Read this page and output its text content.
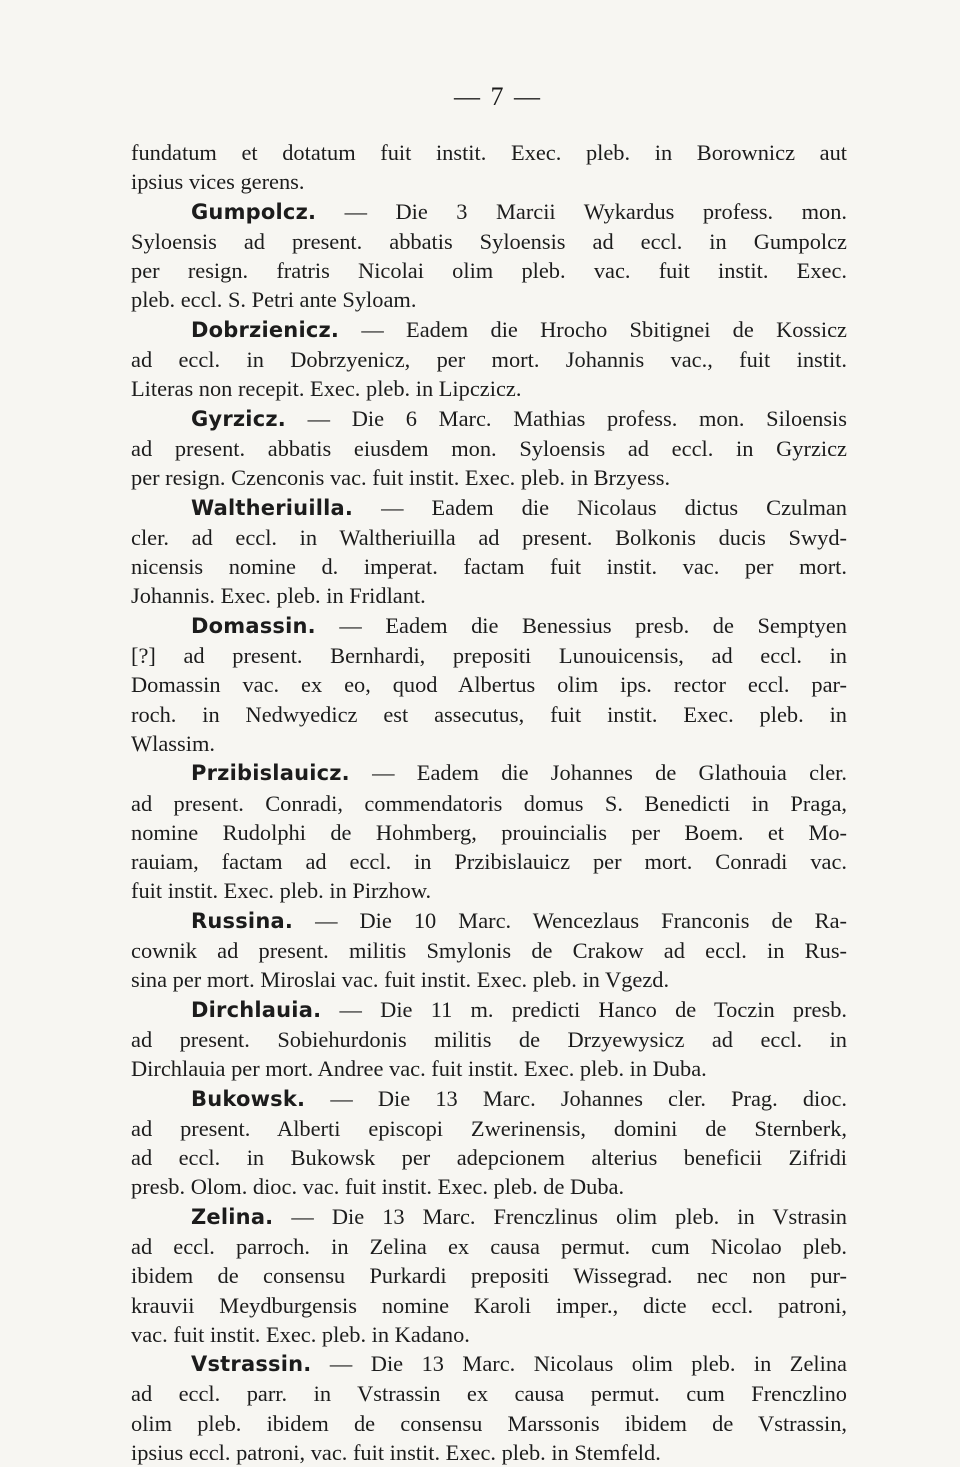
— 7 —
fundatum et dotatum fuit instit. Exec. pleb. in Borownicz aut
ipsius vices gerens.
Gumpolcz. — Die 3 Marcii Wykardus profess. mon.
Syloensis ad present. abbatis Syloensis ad eccl. in Gumpolcz
per resign. fratris Nicolai olim pleb. vac. fuit instit. Exec.
pleb. eccl. S. Petri ante Syloam.
Dobrzienicz. — Eadem die Hrocho Sbitignei de Kossicz
ad eccl. in Dobrzyenicz, per mort. Johannis vac., fuit instit.
Literas non recepit. Exec. pleb. in Lipczicz.
Gyrzicz. — Die 6 Marc. Mathias profess. mon. Siloensis
ad present. abbatis eiusdem mon. Syloensis ad eccl. in Gyrzicz
per resign. Czenconis vac. fuit instit. Exec. pleb. in Brzyess.
Waltheriuilla. — Eadem die Nicolaus dictus Czulman
cler. ad eccl. in Waltheriuilla ad present. Bolkonis ducis Swyd-
nicensis nomine d. imperat. factam fuit instit. vac. per mort.
Johannis. Exec. pleb. in Fridlant.
Domassin. — Eadem die Benessius presb. de Semptyen
[?] ad present. Bernhardi, prepositi Lunouicensis, ad eccl. in
Domassin vac. ex eo, quod Albertus olim ips. rector eccl. par-
roch. in Nedwyedicz est assecutus, fuit instit. Exec. pleb. in
Wlassim.
Przibislauicz. — Eadem die Johannes de Glathouia cler.
ad present. Conradi, commendatoris domus S. Benedicti in Praga,
nomine Rudolphi de Hohmberg, prouincialis per Boem. et Mo-
rauiam, factam ad eccl. in Przibislauicz per mort. Conradi vac.
fuit instit. Exec. pleb. in Pirzhow.
Russina. — Die 10 Marc. Wencezlaus Franconis de Ra-
cownik ad present. militis Smylonis de Crakow ad eccl. in Rus-
sina per mort. Miroslai vac. fuit instit. Exec. pleb. in Vgezd.
Dirchlauia. — Die 11 m. predicti Hanco de Toczin presb.
ad present. Sobiehurdonis militis de Drzyewysicz ad eccl. in
Dirchlauia per mort. Andree vac. fuit instit. Exec. pleb. in Duba.
Bukowsk. — Die 13 Marc. Johannes cler. Prag. dioc.
ad present. Alberti episcopi Zwerinensis, domini de Sternberk,
ad eccl. in Bukowsk per adepcionem alterius beneficii Zifridi
presb. Olom. dioc. vac. fuit instit. Exec. pleb. de Duba.
Zelina. — Die 13 Marc. Frenczlinus olim pleb. in Vstrasin
ad eccl. parroch. in Zelina ex causa permut. cum Nicolao pleb.
ibidem de consensu Purkardi prepositi Wissegrad. nec non pur-
krauvii Meydburgensis nomine Karoli imper., dicte eccl. patroni,
vac. fuit instit. Exec. pleb. in Kadano.
Vstrassin. — Die 13 Marc. Nicolaus olim pleb. in Zelina
ad eccl. parr. in Vstrassin ex causa permut. cum Frenczlino
olim pleb. ibidem de consensu Marssonis ibidem de Vstrassin,
ipsius eccl. patroni, vac. fuit instit. Exec. pleb. in Stemfeld.
